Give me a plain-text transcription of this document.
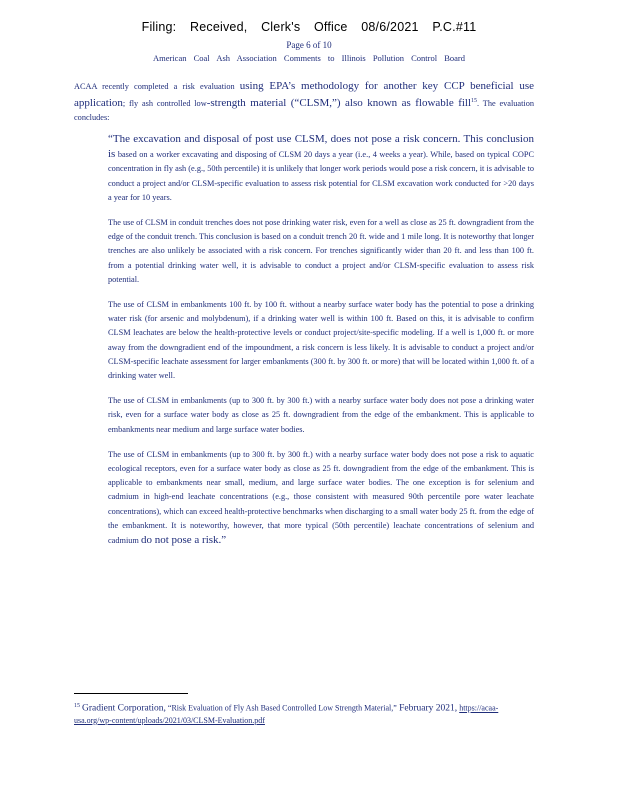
Filing: Received, Clerk's Office 08/6/2021 P.C.#11
Page 6 of 10
American Coal Ash Association Comments to Illinois Pollution Control Board
ACAA recently completed a risk evaluation using EPA’s methodology for another key CCP beneficial use application; fly ash controlled low-strength material (“CLSM,”) also known as flowable fill$^{15}$. The evaluation concludes:

“The excavation and disposal of post use CLSM, does not pose a risk concern. This conclusion is based on a worker excavating and disposing of CLSM 20 days a year (i.e., 4 weeks a year). While, based on typical COPC concentration in fly ash (e.g., 50th percentile) it is unlikely that longer work periods would pose a risk concern, it is advisable to conduct a project and/or CLSM-specific evaluation to assess risk potential for CLSM excavation work conducted for >20 days a year for 10 years.

The use of CLSM in conduit trenches does not pose drinking water risk, even for a well as close as 25 ft. downgradient from the edge of the conduit trench. This conclusion is based on a conduit trench 20 ft. wide and 1 mile long. It is noteworthy that longer trenches are also unlikely be associated with a risk concern. For trenches significantly wider than 20 ft. and less than 100 ft. from a potential drinking water well, it is advisable to conduct a project and/or CLSM-specific evaluation to assess risk potential.

The use of CLSM in embankments 100 ft. by 100 ft. without a nearby surface water body has the potential to pose a drinking water risk (for arsenic and molybdenum), if a drinking water well is within 100 ft. Based on this, it is advisable to confirm CLSM leachates are below the health-protective levels or conduct project/site-specific modeling. If a well is 1,000 ft. or more away from the downgradient end of the impoundment, a risk concern is less likely. It is advisable to conduct a project and/or CLSM-specific leachate assessment for larger embankments (300 ft. by 300 ft. or more) that will be located within 1,000 ft. of a drinking water well.

The use of CLSM in embankments (up to 300 ft. by 300 ft.) with a nearby surface water body does not pose a drinking water risk, even for a surface water body as close as 25 ft. downgradient from the edge of the embankment. This is applicable to embankments near medium and large surface water bodies.

The use of CLSM in embankments (up to 300 ft. by 300 ft.) with a nearby surface water body does not pose a risk to aquatic ecological receptors, even for a surface water body as close as 25 ft. downgradient from the edge of the embankment. This is applicable to embankments near small, medium, and large surface water bodies. The one exception is for selenium and cadmium in high-end leachate concentrations (e.g., those consistent with measured 90th percentile pore water leachate concentrations), which can exceed health-protective benchmarks when discharging to a small water body 25 ft. from the edge of the embankment. It is noteworthy, however, that more typical (50th percentile) leachate concentrations of selenium and cadmium do not pose a risk.”

$^{15}$ Gradient Corporation, “Risk Evaluation of Fly Ash Based Controlled Low Strength Material,” February 2021, https://acaa-usa.org/wp-content/uploads/2021/03/CLSM-Evaluation.pdf
